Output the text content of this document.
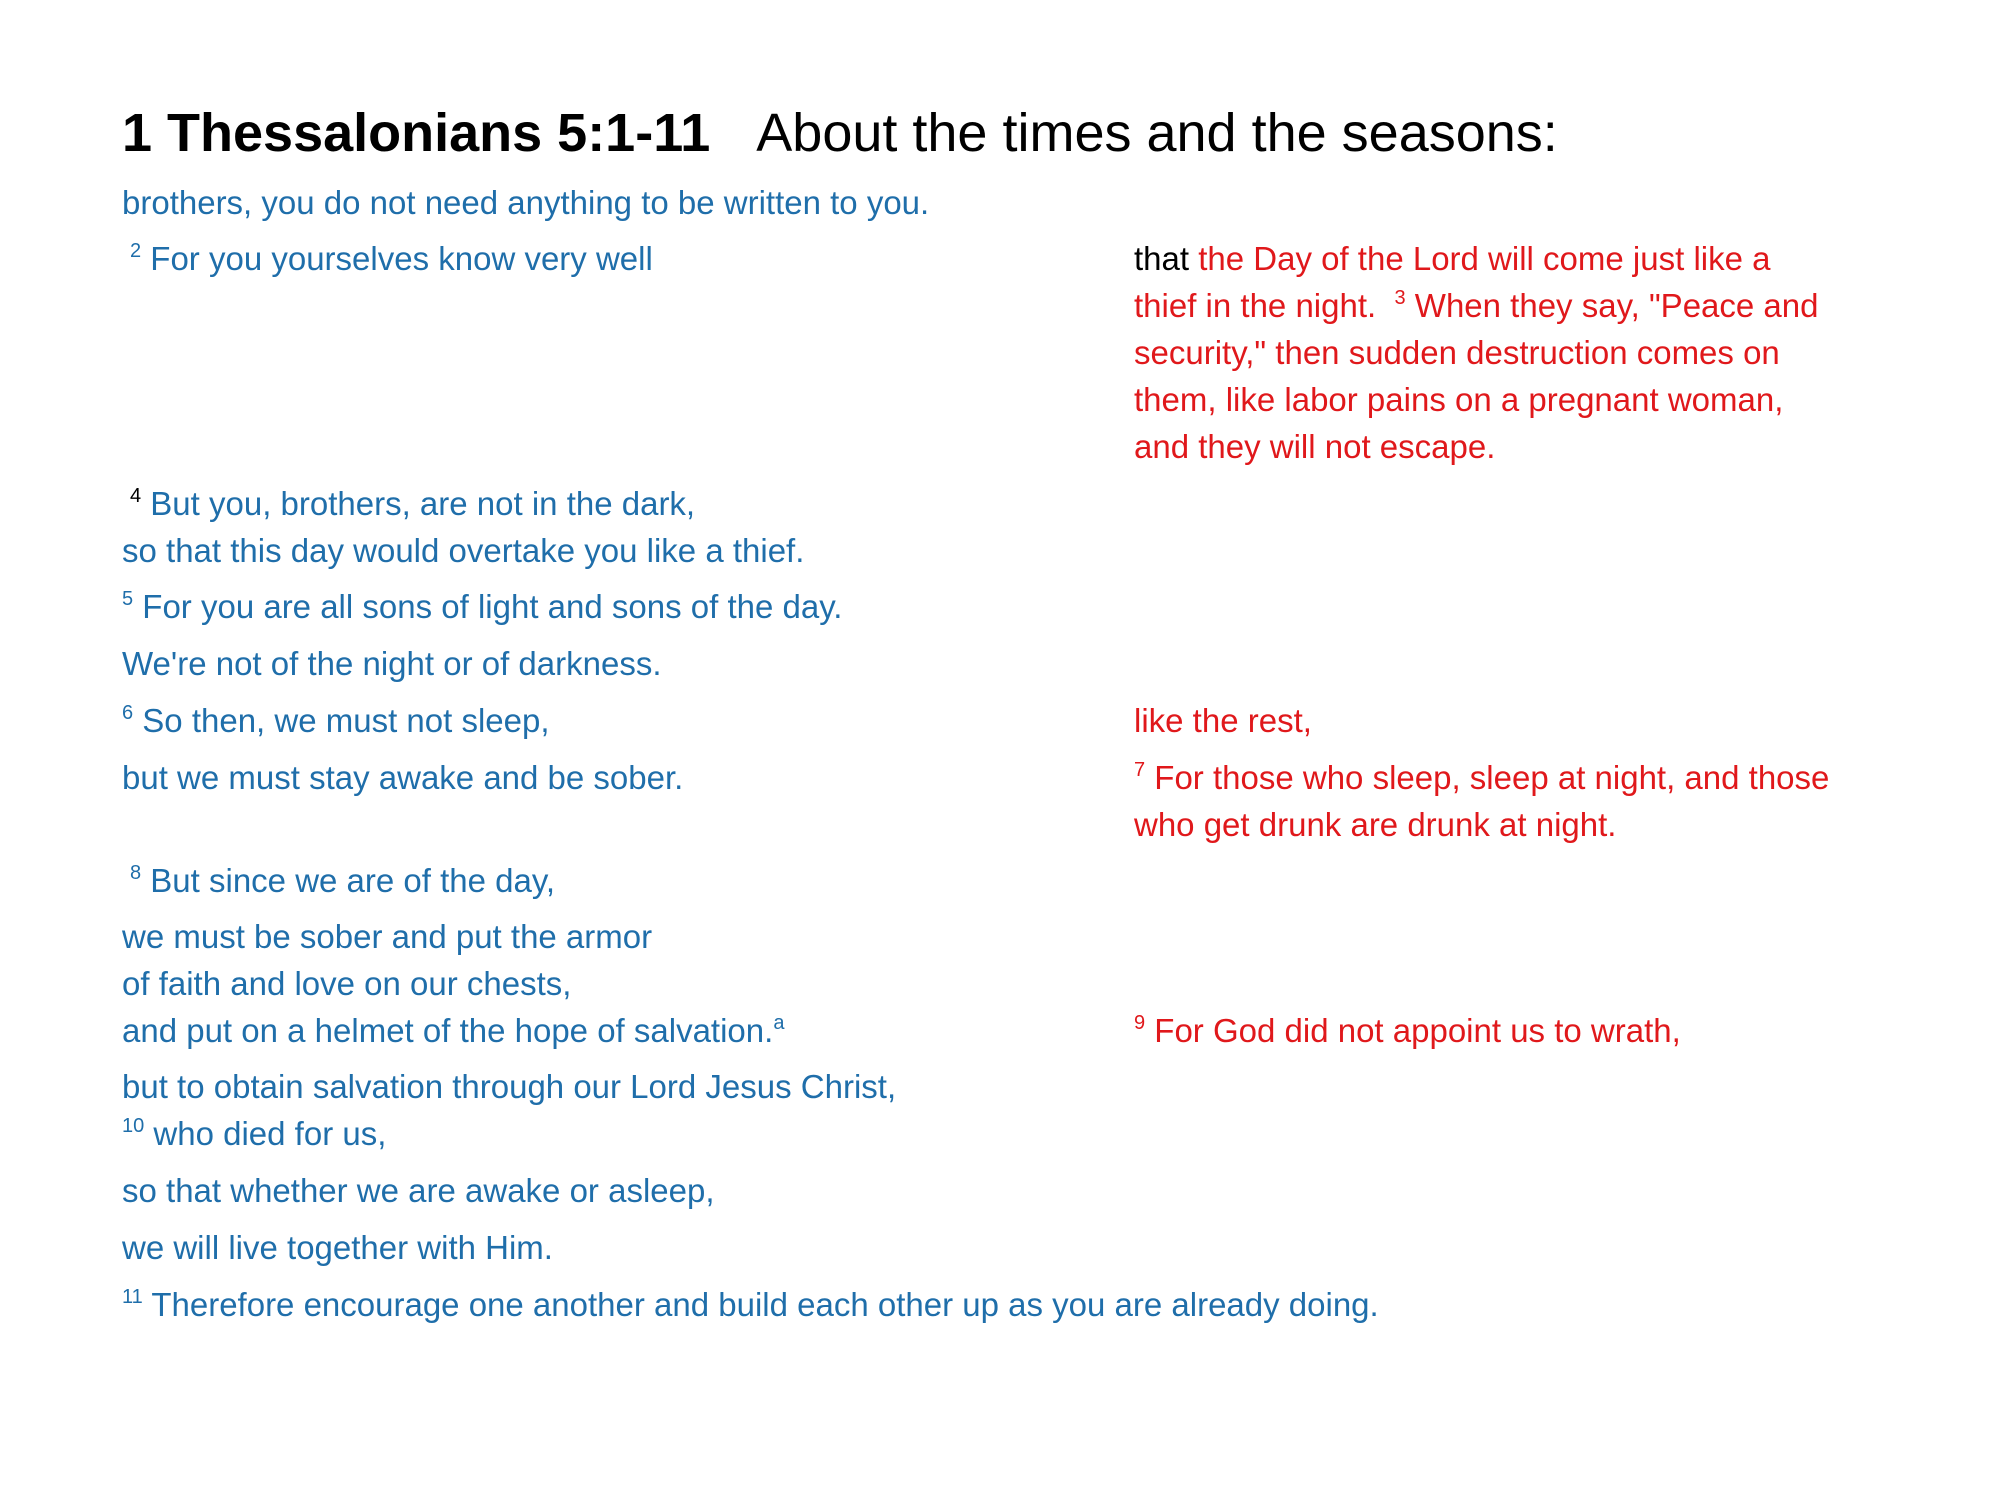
1 Thessalonians 5:1-11 About the times and the seasons:
brothers, you do not need anything to be written to you.
$^2$ For you yourselves know very well
$^4$ But you, brothers, are not in the dark,
so that this day would overtake you like a thief.
$^5$ For you are all sons of light and sons of the day.
We're not of the night or of darkness.
$^6$ So then, we must not sleep,
but we must stay awake and be sober.
$^8$ But since we are of the day,
we must be sober and put the armor
of faith and love on our chests,
and put on a helmet of the hope of salvation.$^a$
but to obtain salvation through our Lord Jesus Christ,
$^{10}$ who died for us,
so that whether we are awake or asleep,
we will live together with Him.
$^{11}$ Therefore encourage one another and build each other up as you are already doing.
that the Day of the Lord will come just like a
thief in the night.  $^3$ When they say, "Peace and
security," then sudden destruction comes on
them, like labor pains on a pregnant woman,
and they will not escape.
like the rest,
$^7$ For those who sleep, sleep at night, and those
who get drunk are drunk at night.
$^9$ For God did not appoint us to wrath,
